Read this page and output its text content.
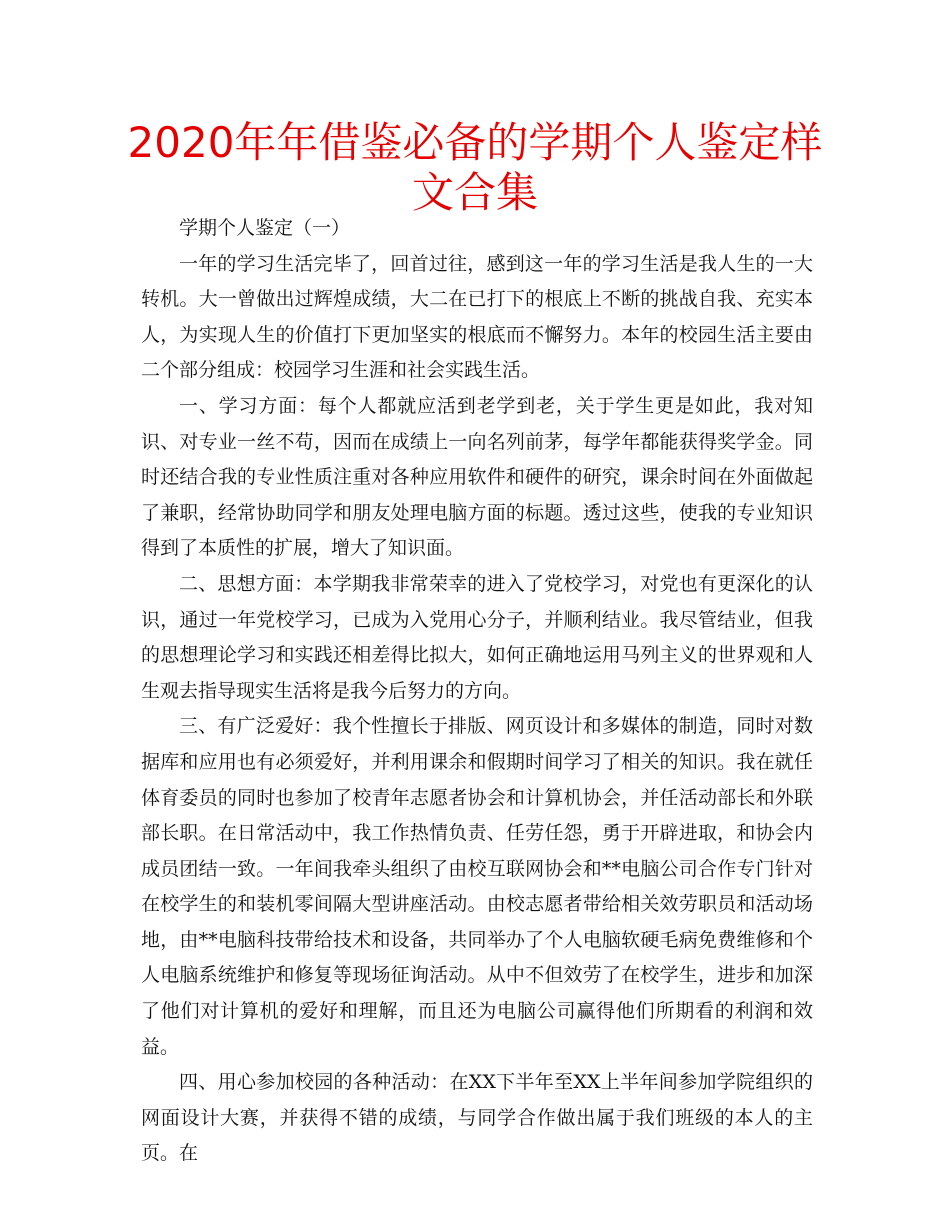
2020年年借鉴必备的学期个人鉴定样文合集

学期个人鉴定（一）

一年的学习生活完毕了，回首过往，感到这一年的学习生活是我人生的一大转机。大一曾做出过辉煌成绩，大二在已打下的根底上不断的挑战自我、充实本人，为实现人生的价值打下更加坚实的根底而不懈努力。本年的校园生活主要由二个部分组成：校园学习生涯和社会实践生活。

一、学习方面：每个人都就应活到老学到老，关于学生更是如此，我对知识、对专业一丝不苟，因而在成绩上一向名列前茅，每学年都能获得奖学金。同时还结合我的专业性质注重对各种应用软件和硬件的研究，课余时间在外面做起了兼职，经常协助同学和朋友处理电脑方面的标题。透过这些，使我的专业知识得到了本质性的扩展，增大了知识面。

二、思想方面：本学期我非常荣幸的进入了党校学习，对党也有更深化的认识，通过一年党校学习，已成为入党用心分子，并顺利结业。我尽管结业，但我的思想理论学习和实践还相差得比拟大，如何正确地运用马列主义的世界观和人生观去指导现实生活将是我今后努力的方向。

三、有广泛爱好：我个性擅长于排版、网页设计和多媒体的制造，同时对数据库和应用也有必须爱好，并利用课余和假期时间学习了相关的知识。我在就任体育委员的同时也参加了校青年志愿者协会和计算机协会，并任活动部长和外联部长职。在日常活动中，我工作热情负责、任劳任怨，勇于开辟进取，和协会内成员团结一致。一年间我牵头组织了由校互联网协会和**电脑公司合作专门针对在校学生的和装机零间隔大型讲座活动。由校志愿者带给相关效劳职员和活动场地，由**电脑科技带给技术和设备，共同举办了个人电脑软硬毛病免费维修和个人电脑系统维护和修复等现场征询活动。从中不但效劳了在校学生，进步和加深了他们对计算机的爱好和理解，而且还为电脑公司赢得他们所期看的利润和效益。

四、用心参加校园的各种活动：在XX下半年至XX上半年间参加学院组织的网面设计大赛，并获得不错的成绩，与同学合作做出属于我们班级的本人的主页。在
